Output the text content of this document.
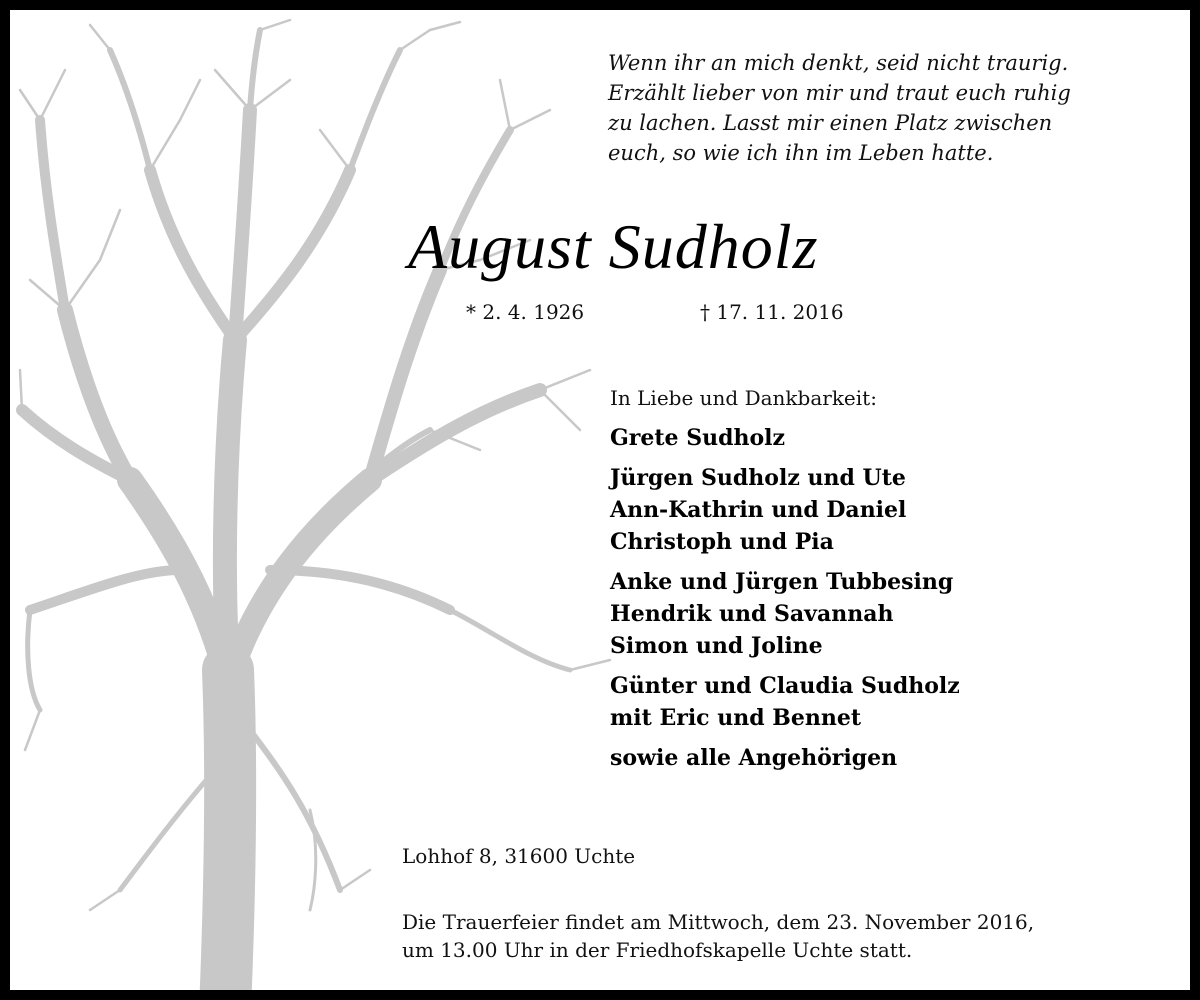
Wenn ihr an mich denkt, seid nicht traurig.
Erzählt lieber von mir und traut euch ruhig
zu lachen. Lasst mir einen Platz zwischen
euch, so wie ich ihn im Leben hatte.
August Sudholz
* 2. 4. 1926	† 17. 11. 2016
In Liebe und Dankbarkeit:
Grete Sudholz
Jürgen Sudholz und Ute
Ann-Kathrin und Daniel
Christoph und Pia
Anke und Jürgen Tubbesing
Hendrik und Savannah
Simon und Joline
Günter und Claudia Sudholz
mit Eric und Bennet
sowie alle Angehörigen
Lohhof 8, 31600 Uchte
Die Trauerfeier findet am Mittwoch, dem 23. November 2016,
um 13.00 Uhr in der Friedhofskapelle Uchte statt.
